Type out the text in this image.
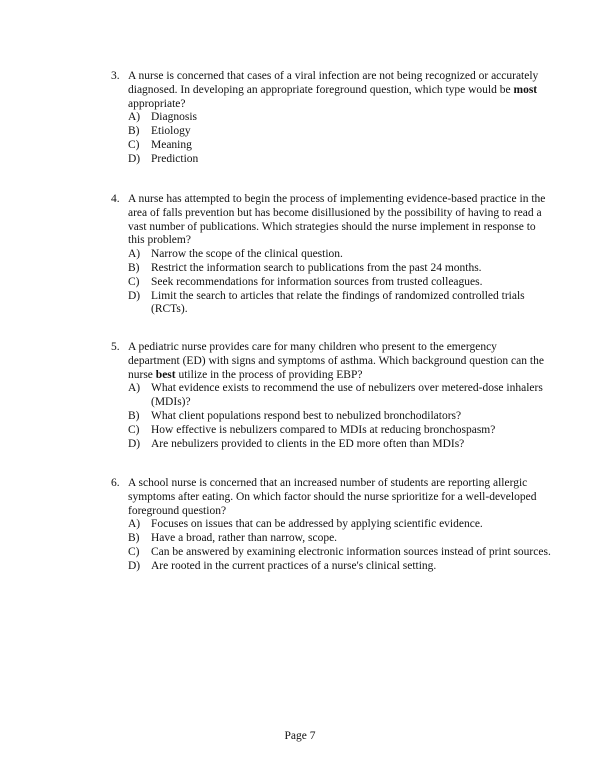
3. A nurse is concerned that cases of a viral infection are not being recognized or accurately diagnosed. In developing an appropriate foreground question, which type would be most appropriate?
A) Diagnosis
B)	Etiology
C)	Meaning
D) Prediction
4. A nurse has attempted to begin the process of implementing evidence-based practice in the area of falls prevention but has become disillusioned by the possibility of having to read a vast number of publications. Which strategies should the nurse implement in response to this problem?
A) Narrow the scope of the clinical question.
B)	Restrict the information search to publications from the past 24 months.
C)	Seek recommendations for information sources from trusted colleagues.
D) Limit the search to articles that relate the findings of randomized controlled trials (RCTs).
5. A pediatric nurse provides care for many children who present to the emergency department (ED) with signs and symptoms of asthma. Which background question can the nurse best utilize in the process of providing EBP?
A) What evidence exists to recommend the use of nebulizers over metered-dose inhalers (MDIs)?
B)	What client populations respond best to nebulized bronchodilators?
C)	How effective is nebulizers compared to MDIs at reducing bronchospasm?
D) Are nebulizers provided to clients in the ED more often than MDIs?
6. A school nurse is concerned that an increased number of students are reporting allergic symptoms after eating. On which factor should the nurse sprioritize for a well-developed foreground question?
A) Focuses on issues that can be addressed by applying scientific evidence.
B)	Have a broad, rather than narrow, scope.
C)	Can be answered by examining electronic information sources instead of print sources.
D) Are rooted in the current practices of a nurse's clinical setting.
Page 7
